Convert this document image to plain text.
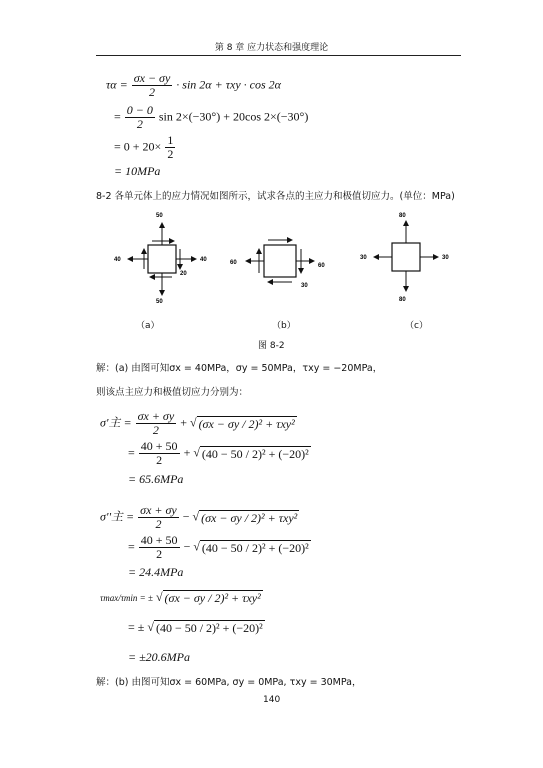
第 8 章 应力状态和强度理论
$\tau\alpha = \frac{\sigma x - \sigma y}{2} \cdot \sin 2\alpha + \tau xy \cdot \cos 2\alpha$
= $\frac{0 - 0}{2}$ sin 2×(−30°) + 20cos 2×(−30°)
= $0 + 20\times \frac{1}{2}$
= 10MPa
8-2 各单元体上的应力情况如图所示，试求各点的主应力和极值切应力。(单位：MPa)
50
50
40	40
20
60	60
30
80
80
30	30
（a）	（b）	（c）
图 8-2
解：(a) 由图可知σx = 40MPa，σy = 50MPa，τxy = −20MPa，
则该点主应力和极值切应力分别为：
σ'主 = $\frac{\sigma x + \sigma y}{2}$ + √ (σx − σy / 2)² + τxy²
= $\frac{40 + 50}{2}$ + √ (40 − 50 / 2)² + (−20)²
= 65.6MPa
σ''主 = $\frac{\sigma x + \sigma y}{2}$ − √ (σx − σy / 2)² + τxy²
= $\frac{40 + 50}{2}$ − √ (40 − 50 / 2)² + (−20)²
= 24.4MPa
τmax/τmin = ± √ (σx − σy / 2)² + τxy²
= ± √ (40 − 50 / 2)² + (−20)²
= ±20.6MPa
解：(b) 由图可知σx = 60MPa, σy = 0MPa, τxy = 30MPa，
140
